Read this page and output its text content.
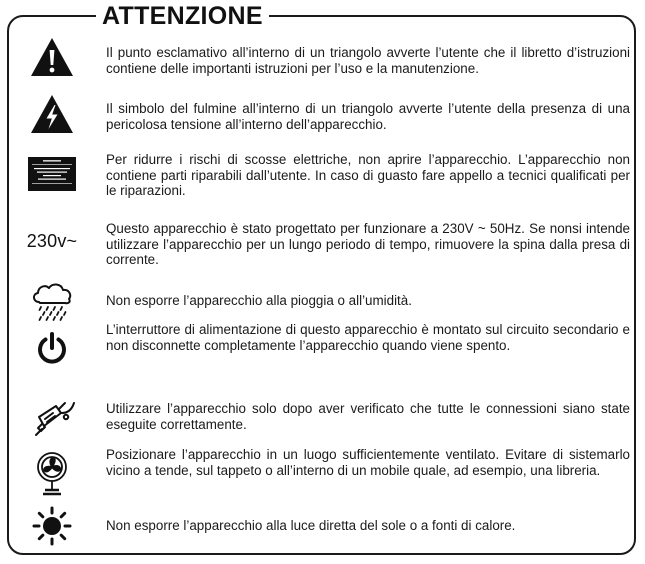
ATTENZIONE
Il punto esclamativo all’interno di un triangolo avverte l’utente che il libretto d’istruzioni contiene delle importanti istruzioni per l’uso e la manutenzione.
Il simbolo del fulmine all’interno di un triangolo avverte l’utente della presenza di una pericolosa tensione all’interno dell’apparecchio.
Per ridurre i rischi di scosse elettriche, non aprire l’apparecchio. L’apparecchio non contiene parti riparabili dall’utente. In caso di guasto fare appello a tecnici qualificati per le riparazioni.
230v~
Questo apparecchio è stato progettato per funzionare a 230V ~ 50Hz. Se nonsi intende utilizzare l’apparecchio per un lungo periodo di tempo, rimuovere la spina dalla presa di corrente.
Non esporre l’apparecchio alla pioggia o all’umidità.
L’interruttore di alimentazione di questo apparecchio è montato sul circuito secondario e non disconnette completamente l’apparecchio quando viene spento.
Utilizzare l’apparecchio solo dopo aver verificato che tutte le connessioni siano state eseguite correttamente.
Posizionare l’apparecchio in un luogo sufficientemente ventilato. Evitare di sistemarlo vicino a tende, sul tappeto o all’interno di un mobile quale, ad esempio, una libreria.
Non esporre l’apparecchio alla luce diretta del sole o a fonti di calore.
